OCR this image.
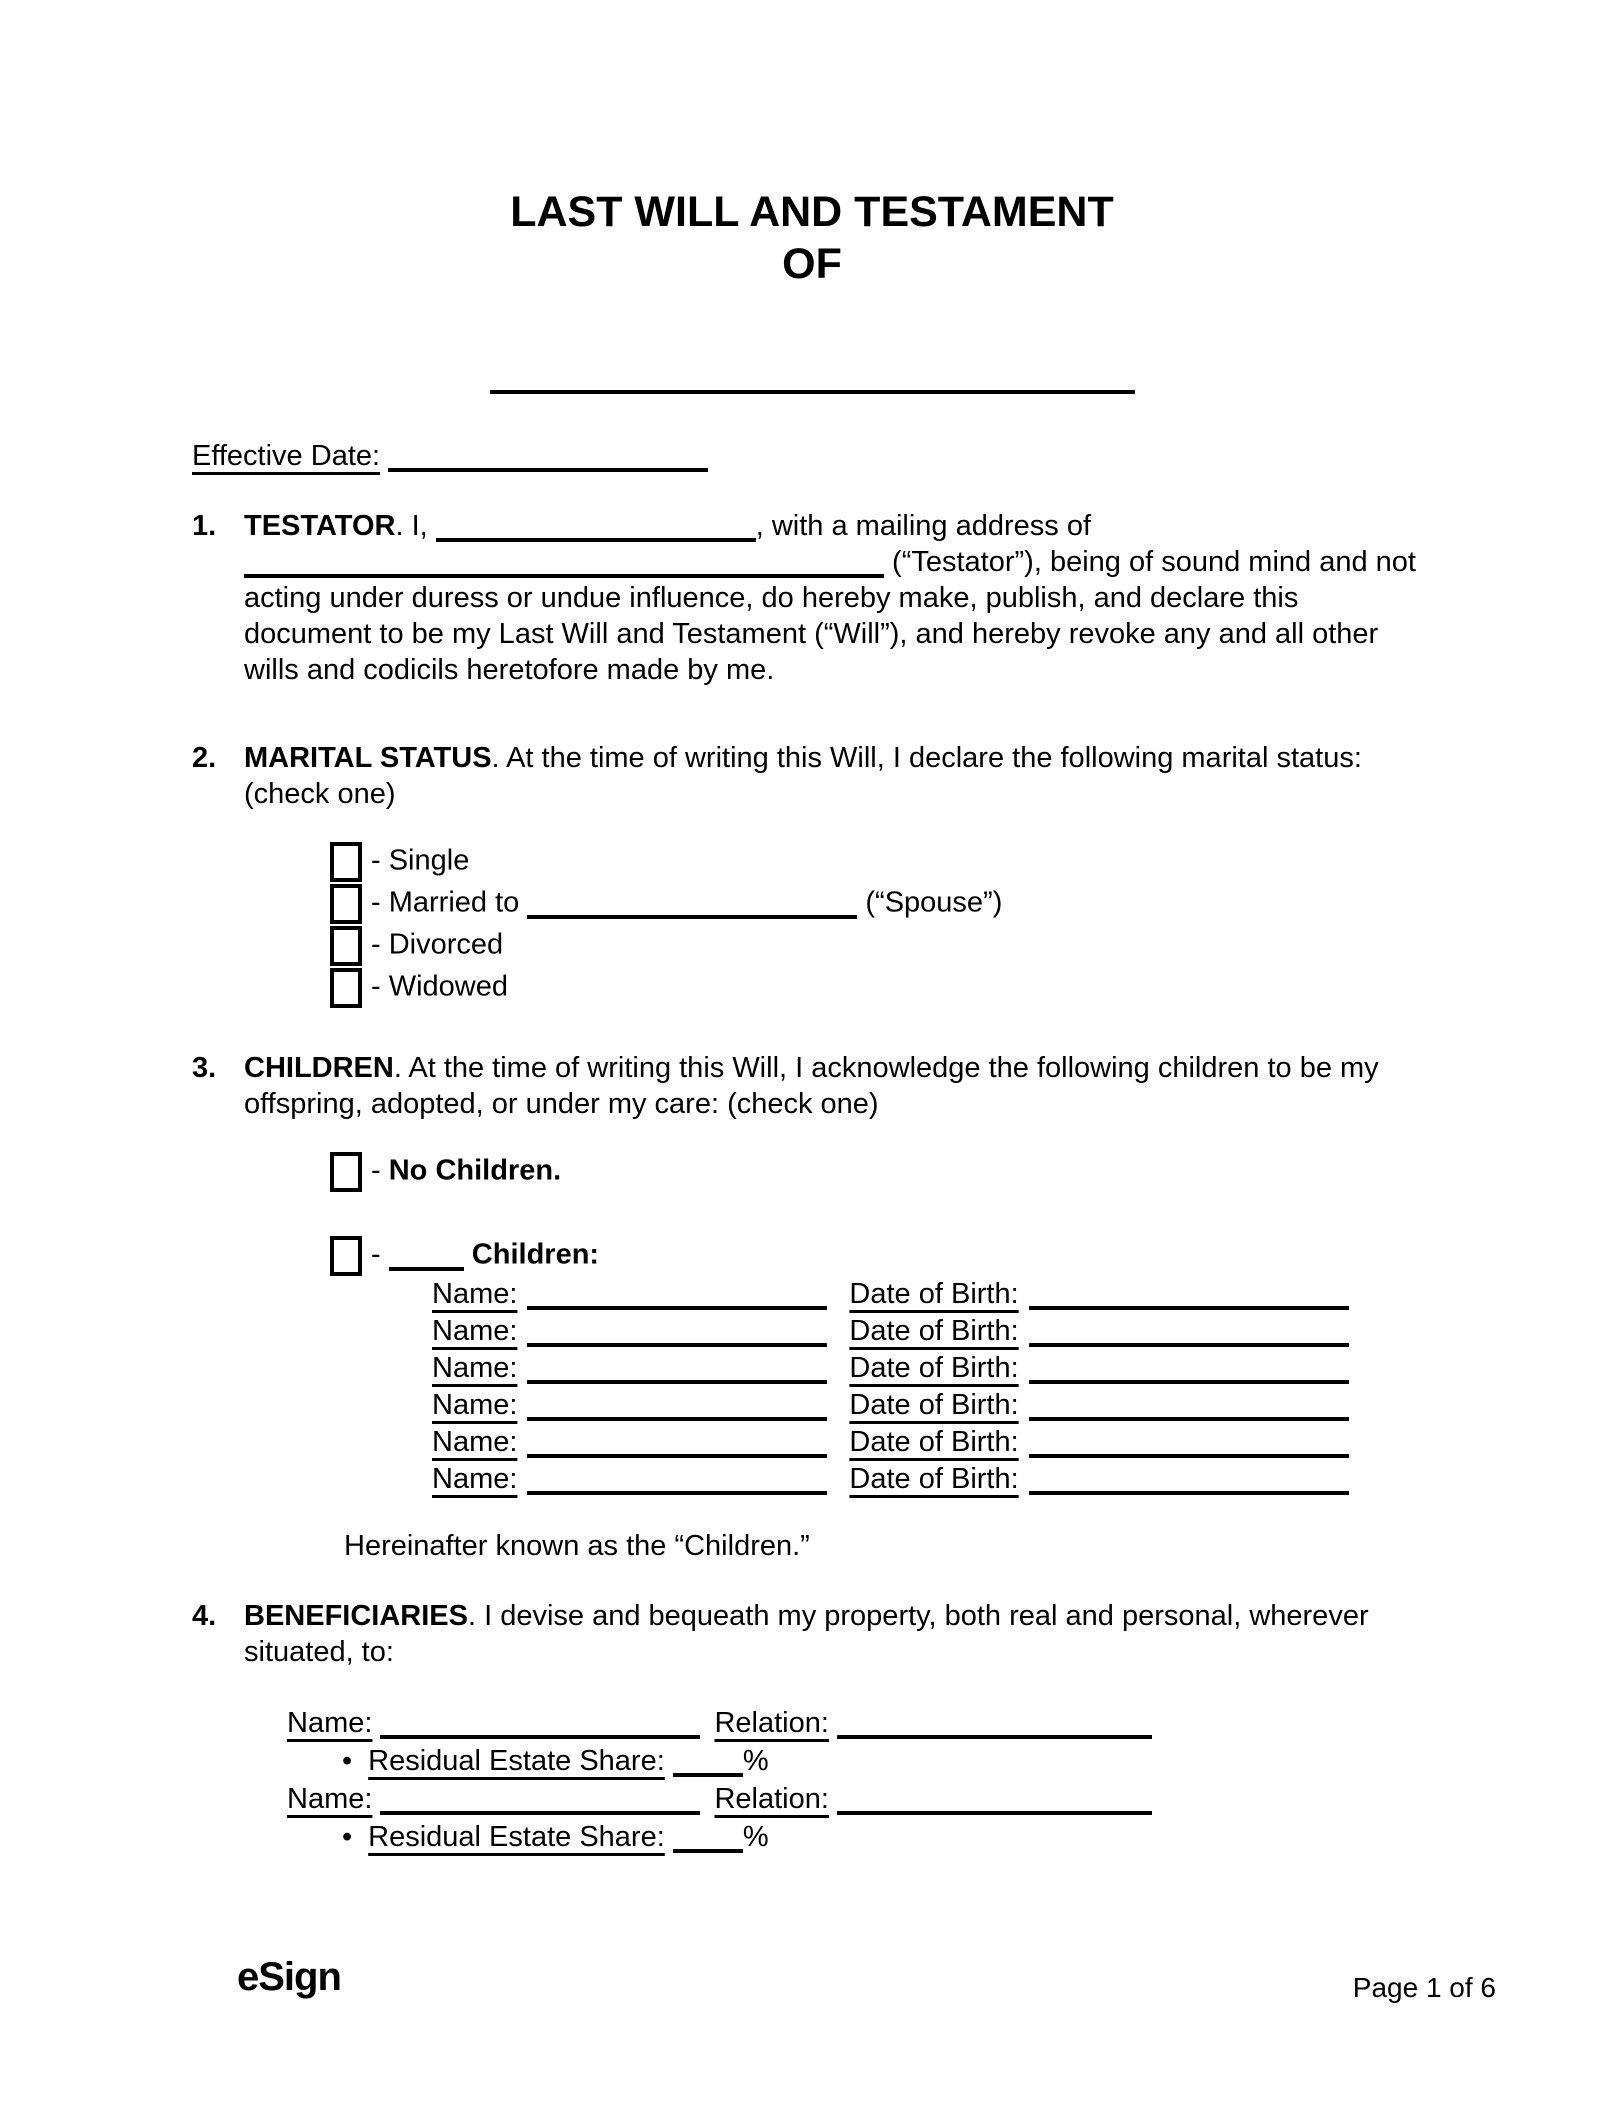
LAST WILL AND TESTAMENT
OF
Effective Date:
1. TESTATOR. I,	, with a mailing address of  (“Testator”), being of sound mind and not acting under duress or undue influence, do hereby make, publish, and declare this document to be my Last Will and Testament (“Will”), and hereby revoke any and all other wills and codicils heretofore made by me.
2. MARITAL STATUS. At the time of writing this Will, I declare the following marital status: (check one)
- Single
- Married to	(“Spouse”)
- Divorced
- Widowed
3. CHILDREN. At the time of writing this Will, I acknowledge the following children to be my offspring, adopted, or under my care: (check one)
- No Children.
-	Children:
Name:	Date of Birth:
Name:	Date of Birth:
Name:	Date of Birth:
Name:	Date of Birth:
Name:	Date of Birth:
Name:	Date of Birth:
Hereinafter known as the “Children.”
4. BENEFICIARIES. I devise and bequeath my property, both real and personal, wherever situated, to:
Name:	Relation:
• Residual Estate Share:	%
Name:	Relation:
• Residual Estate Share:	%
eSign	Page 1 of 6
